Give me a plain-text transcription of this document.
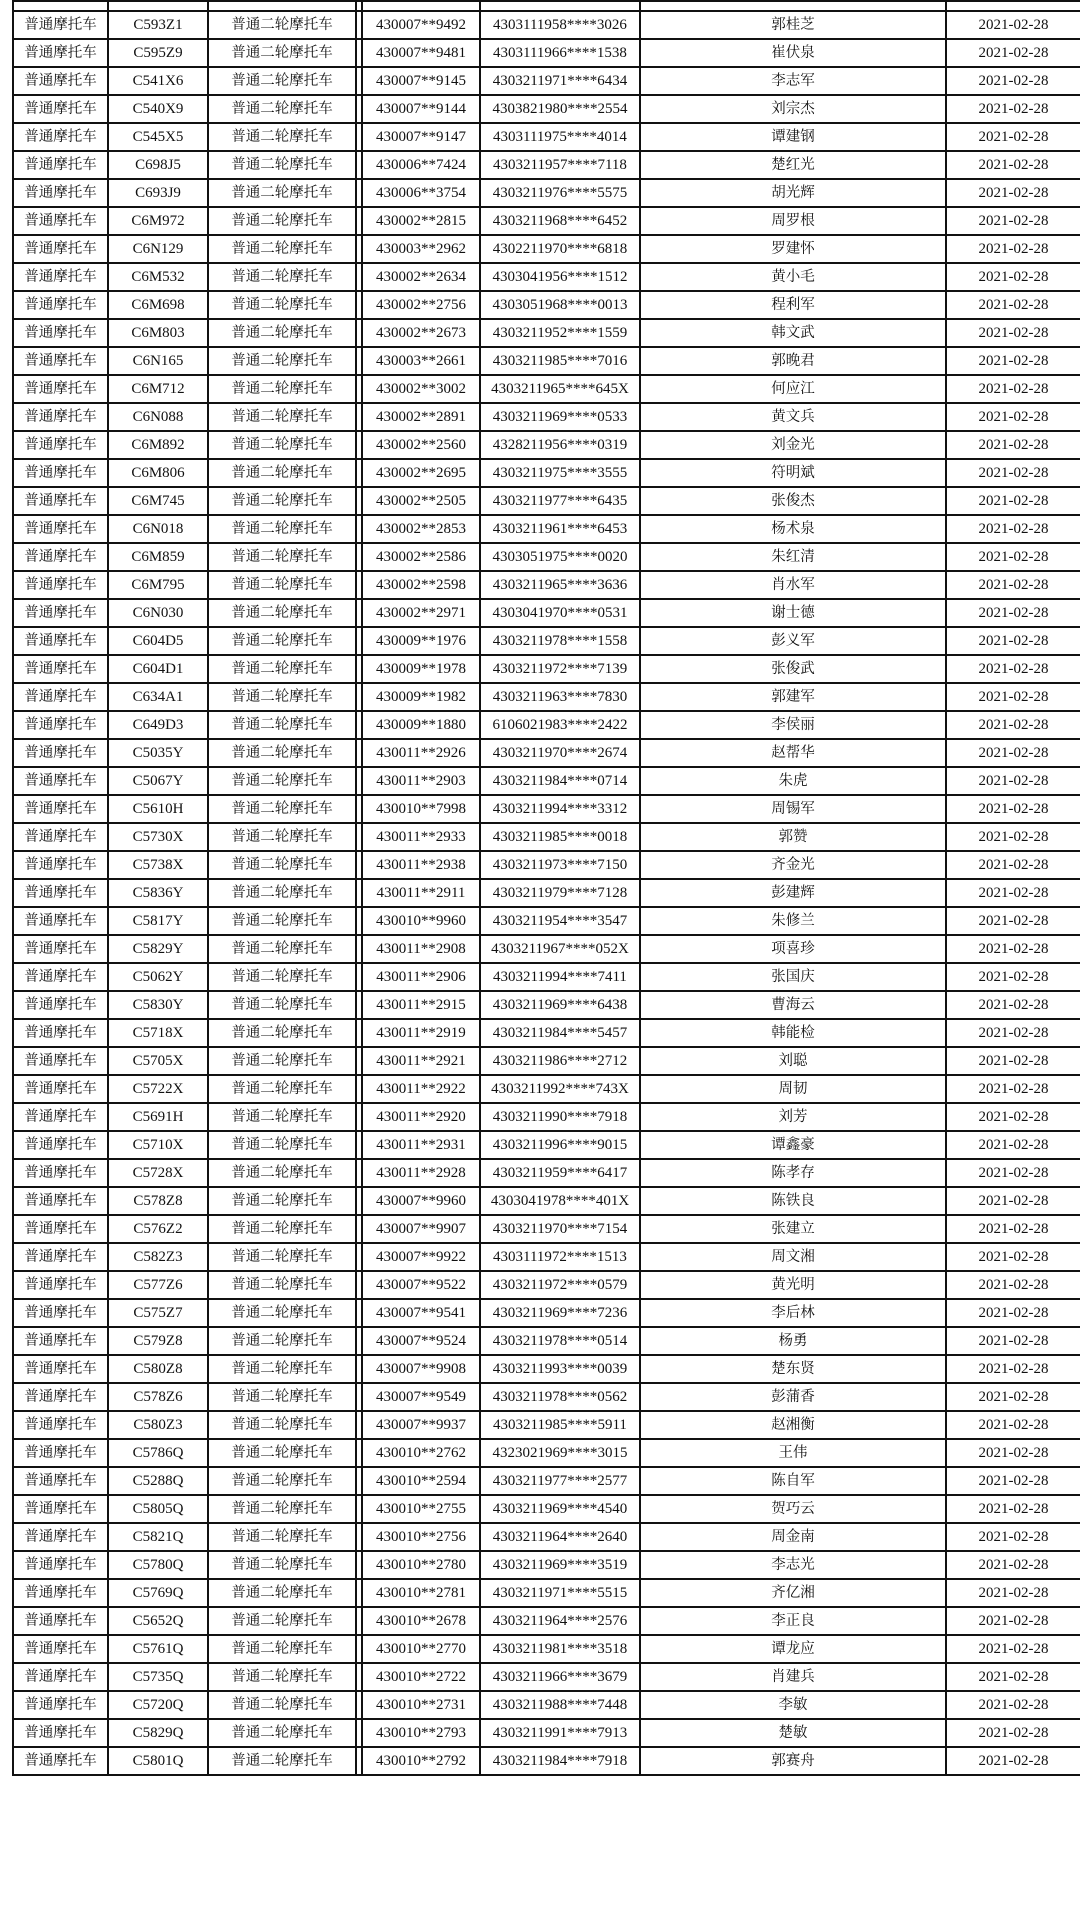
普通摩托车	C593Z1	普通二轮摩托车		430007**9492	4303111958****3026	郭桂芝	2021-02-28
普通摩托车	C595Z9	普通二轮摩托车		430007**9481	4303111966****1538	崔伏泉	2021-02-28
普通摩托车	C541X6	普通二轮摩托车		430007**9145	4303211971****6434	李志军	2021-02-28
普通摩托车	C540X9	普通二轮摩托车		430007**9144	4303821980****2554	刘宗杰	2021-02-28
普通摩托车	C545X5	普通二轮摩托车		430007**9147	4303111975****4014	谭建钢	2021-02-28
普通摩托车	C698J5	普通二轮摩托车		430006**7424	4303211957****7118	楚红光	2021-02-28
普通摩托车	C693J9	普通二轮摩托车		430006**3754	4303211976****5575	胡光辉	2021-02-28
普通摩托车	C6M972	普通二轮摩托车		430002**2815	4303211968****6452	周罗根	2021-02-28
普通摩托车	C6N129	普通二轮摩托车		430003**2962	4302211970****6818	罗建怀	2021-02-28
普通摩托车	C6M532	普通二轮摩托车		430002**2634	4303041956****1512	黄小毛	2021-02-28
普通摩托车	C6M698	普通二轮摩托车		430002**2756	4303051968****0013	程利军	2021-02-28
普通摩托车	C6M803	普通二轮摩托车		430002**2673	4303211952****1559	韩文武	2021-02-28
普通摩托车	C6N165	普通二轮摩托车		430003**2661	4303211985****7016	郭晚君	2021-02-28
普通摩托车	C6M712	普通二轮摩托车		430002**3002	4303211965****645X	何应江	2021-02-28
普通摩托车	C6N088	普通二轮摩托车		430002**2891	4303211969****0533	黄文兵	2021-02-28
普通摩托车	C6M892	普通二轮摩托车		430002**2560	4328211956****0319	刘金光	2021-02-28
普通摩托车	C6M806	普通二轮摩托车		430002**2695	4303211975****3555	符明斌	2021-02-28
普通摩托车	C6M745	普通二轮摩托车		430002**2505	4303211977****6435	张俊杰	2021-02-28
普通摩托车	C6N018	普通二轮摩托车		430002**2853	4303211961****6453	杨术泉	2021-02-28
普通摩托车	C6M859	普通二轮摩托车		430002**2586	4303051975****0020	朱红清	2021-02-28
普通摩托车	C6M795	普通二轮摩托车		430002**2598	4303211965****3636	肖水军	2021-02-28
普通摩托车	C6N030	普通二轮摩托车		430002**2971	4303041970****0531	谢士德	2021-02-28
普通摩托车	C604D5	普通二轮摩托车		430009**1976	4303211978****1558	彭义军	2021-02-28
普通摩托车	C604D1	普通二轮摩托车		430009**1978	4303211972****7139	张俊武	2021-02-28
普通摩托车	C634A1	普通二轮摩托车		430009**1982	4303211963****7830	郭建军	2021-02-28
普通摩托车	C649D3	普通二轮摩托车		430009**1880	6106021983****2422	李侯丽	2021-02-28
普通摩托车	C5035Y	普通二轮摩托车		430011**2926	4303211970****2674	赵帮华	2021-02-28
普通摩托车	C5067Y	普通二轮摩托车		430011**2903	4303211984****0714	朱虎	2021-02-28
普通摩托车	C5610H	普通二轮摩托车		430010**7998	4303211994****3312	周锡军	2021-02-28
普通摩托车	C5730X	普通二轮摩托车		430011**2933	4303211985****0018	郭赞	2021-02-28
普通摩托车	C5738X	普通二轮摩托车		430011**2938	4303211973****7150	齐金光	2021-02-28
普通摩托车	C5836Y	普通二轮摩托车		430011**2911	4303211979****7128	彭建辉	2021-02-28
普通摩托车	C5817Y	普通二轮摩托车		430010**9960	4303211954****3547	朱修兰	2021-02-28
普通摩托车	C5829Y	普通二轮摩托车		430011**2908	4303211967****052X	项喜珍	2021-02-28
普通摩托车	C5062Y	普通二轮摩托车		430011**2906	4303211994****7411	张国庆	2021-02-28
普通摩托车	C5830Y	普通二轮摩托车		430011**2915	4303211969****6438	曹海云	2021-02-28
普通摩托车	C5718X	普通二轮摩托车		430011**2919	4303211984****5457	韩能检	2021-02-28
普通摩托车	C5705X	普通二轮摩托车		430011**2921	4303211986****2712	刘聪	2021-02-28
普通摩托车	C5722X	普通二轮摩托车		430011**2922	4303211992****743X	周韧	2021-02-28
普通摩托车	C5691H	普通二轮摩托车		430011**2920	4303211990****7918	刘芳	2021-02-28
普通摩托车	C5710X	普通二轮摩托车		430011**2931	4303211996****9015	谭鑫豪	2021-02-28
普通摩托车	C5728X	普通二轮摩托车		430011**2928	4303211959****6417	陈孝存	2021-02-28
普通摩托车	C578Z8	普通二轮摩托车		430007**9960	4303041978****401X	陈铁良	2021-02-28
普通摩托车	C576Z2	普通二轮摩托车		430007**9907	4303211970****7154	张建立	2021-02-28
普通摩托车	C582Z3	普通二轮摩托车		430007**9922	4303111972****1513	周文湘	2021-02-28
普通摩托车	C577Z6	普通二轮摩托车		430007**9522	4303211972****0579	黄光明	2021-02-28
普通摩托车	C575Z7	普通二轮摩托车		430007**9541	4303211969****7236	李后林	2021-02-28
普通摩托车	C579Z8	普通二轮摩托车		430007**9524	4303211978****0514	杨勇	2021-02-28
普通摩托车	C580Z8	普通二轮摩托车		430007**9908	4303211993****0039	楚东贤	2021-02-28
普通摩托车	C578Z6	普通二轮摩托车		430007**9549	4303211978****0562	彭蒲香	2021-02-28
普通摩托车	C580Z3	普通二轮摩托车		430007**9937	4303211985****5911	赵湘衡	2021-02-28
普通摩托车	C5786Q	普通二轮摩托车		430010**2762	4323021969****3015	王伟	2021-02-28
普通摩托车	C5288Q	普通二轮摩托车		430010**2594	4303211977****2577	陈自军	2021-02-28
普通摩托车	C5805Q	普通二轮摩托车		430010**2755	4303211969****4540	贺巧云	2021-02-28
普通摩托车	C5821Q	普通二轮摩托车		430010**2756	4303211964****2640	周金南	2021-02-28
普通摩托车	C5780Q	普通二轮摩托车		430010**2780	4303211969****3519	李志光	2021-02-28
普通摩托车	C5769Q	普通二轮摩托车		430010**2781	4303211971****5515	齐亿湘	2021-02-28
普通摩托车	C5652Q	普通二轮摩托车		430010**2678	4303211964****2576	李正良	2021-02-28
普通摩托车	C5761Q	普通二轮摩托车		430010**2770	4303211981****3518	谭龙应	2021-02-28
普通摩托车	C5735Q	普通二轮摩托车		430010**2722	4303211966****3679	肖建兵	2021-02-28
普通摩托车	C5720Q	普通二轮摩托车		430010**2731	4303211988****7448	李敏	2021-02-28
普通摩托车	C5829Q	普通二轮摩托车		430010**2793	4303211991****7913	楚敏	2021-02-28
普通摩托车	C5801Q	普通二轮摩托车		430010**2792	4303211984****7918	郭赛舟	2021-02-28
